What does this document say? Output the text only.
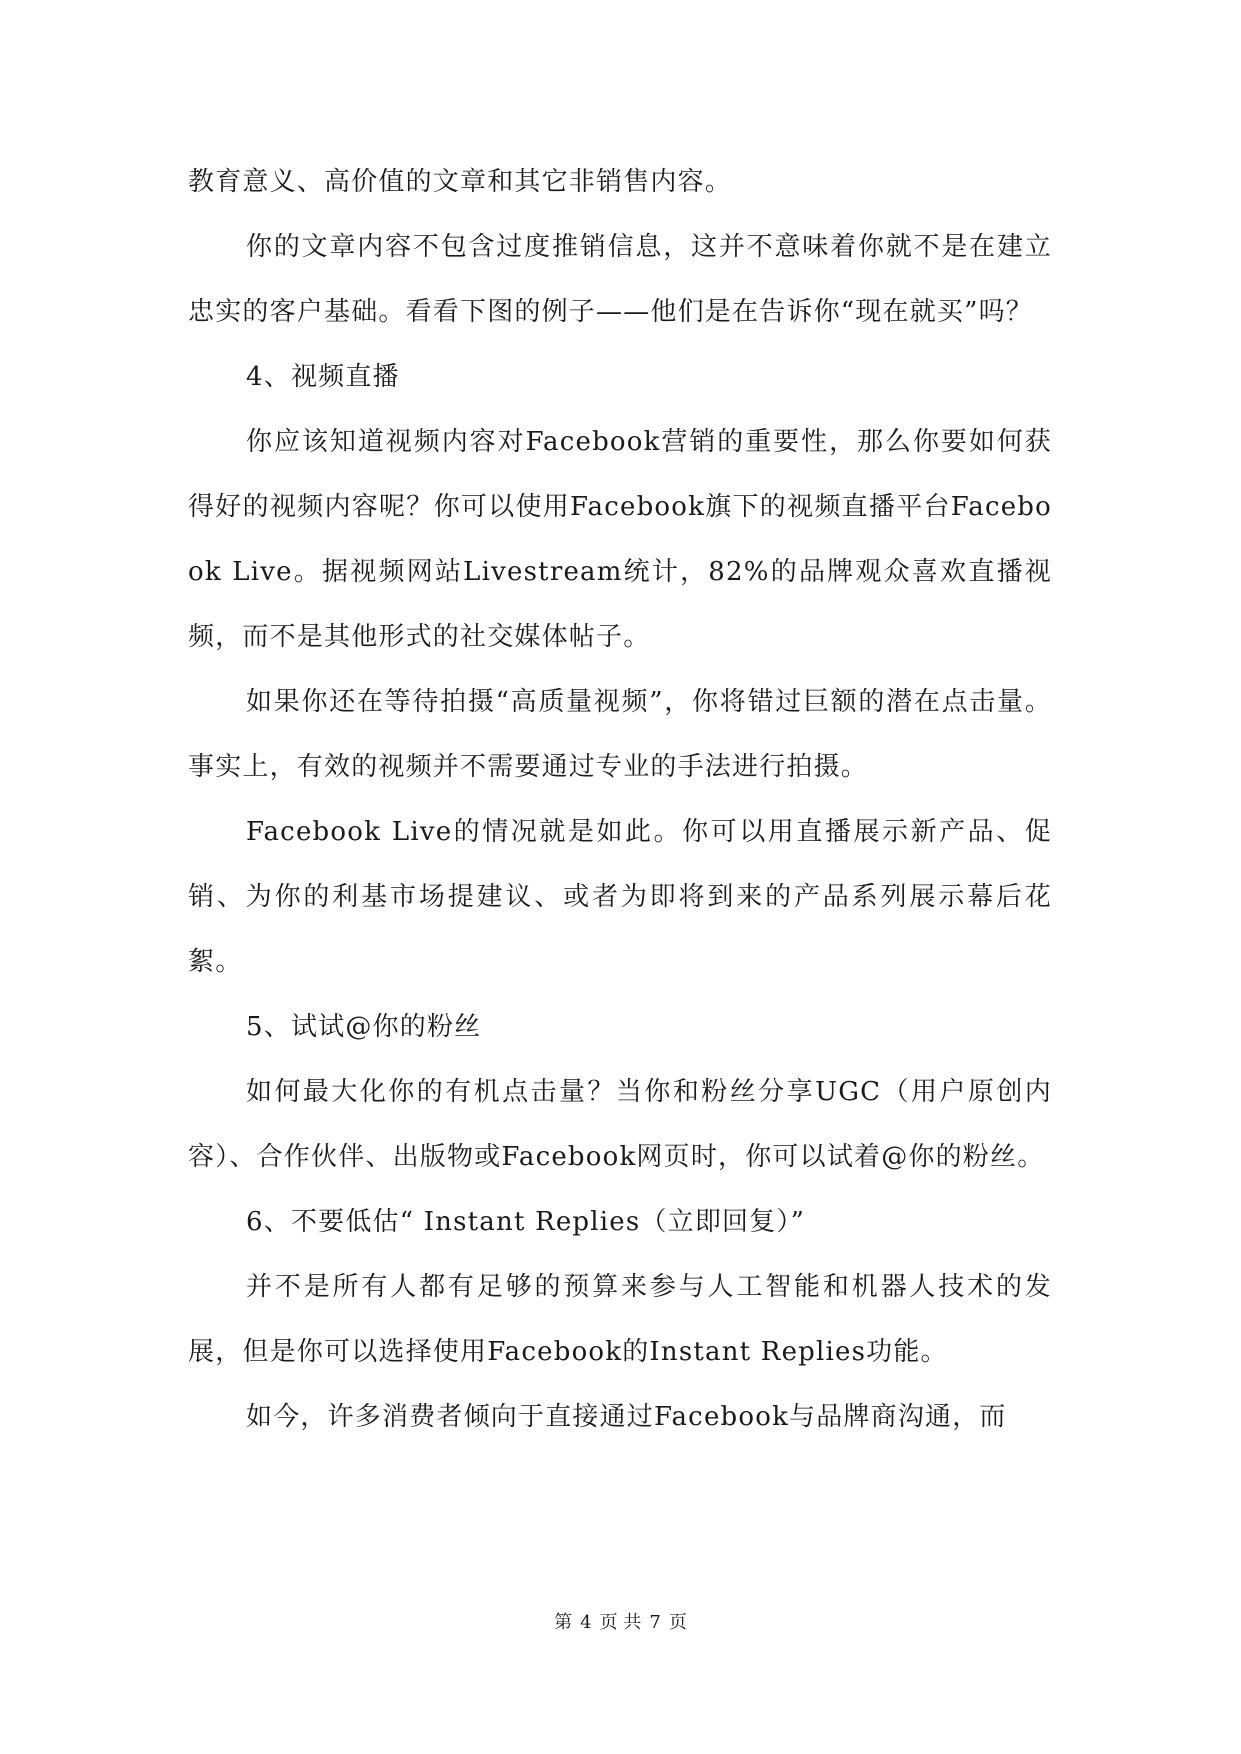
教育意义、高价值的文章和其它非销售内容。

你的文章内容不包含过度推销信息，这并不意味着你就不是在建立忠实的客户基础。看看下图的例子——他们是在告诉你“现在就买”吗？

4、视频直播

你应该知道视频内容对Facebook营销的重要性，那么你要如何获得好的视频内容呢？你可以使用Facebook旗下的视频直播平台Facebook Live。据视频网站Livestream统计，82%的品牌观众喜欢直播视频，而不是其他形式的社交媒体帖子。

如果你还在等待拍摄“高质量视频”，你将错过巨额的潜在点击量。事实上，有效的视频并不需要通过专业的手法进行拍摄。

Facebook Live的情况就是如此。你可以用直播展示新产品、促销、为你的利基市场提建议、或者为即将到来的产品系列展示幕后花絮。

5、试试@你的粉丝

如何最大化你的有机点击量？当你和粉丝分享UGC（用户原创内容）、合作伙伴、出版物或Facebook网页时，你可以试着@你的粉丝。

6、不要低估“ Instant Replies（立即回复）”

并不是所有人都有足够的预算来参与人工智能和机器人技术的发展，但是你可以选择使用Facebook的Instant Replies功能。

如今，许多消费者倾向于直接通过Facebook与品牌商沟通，而

第 4 页 共 7 页
